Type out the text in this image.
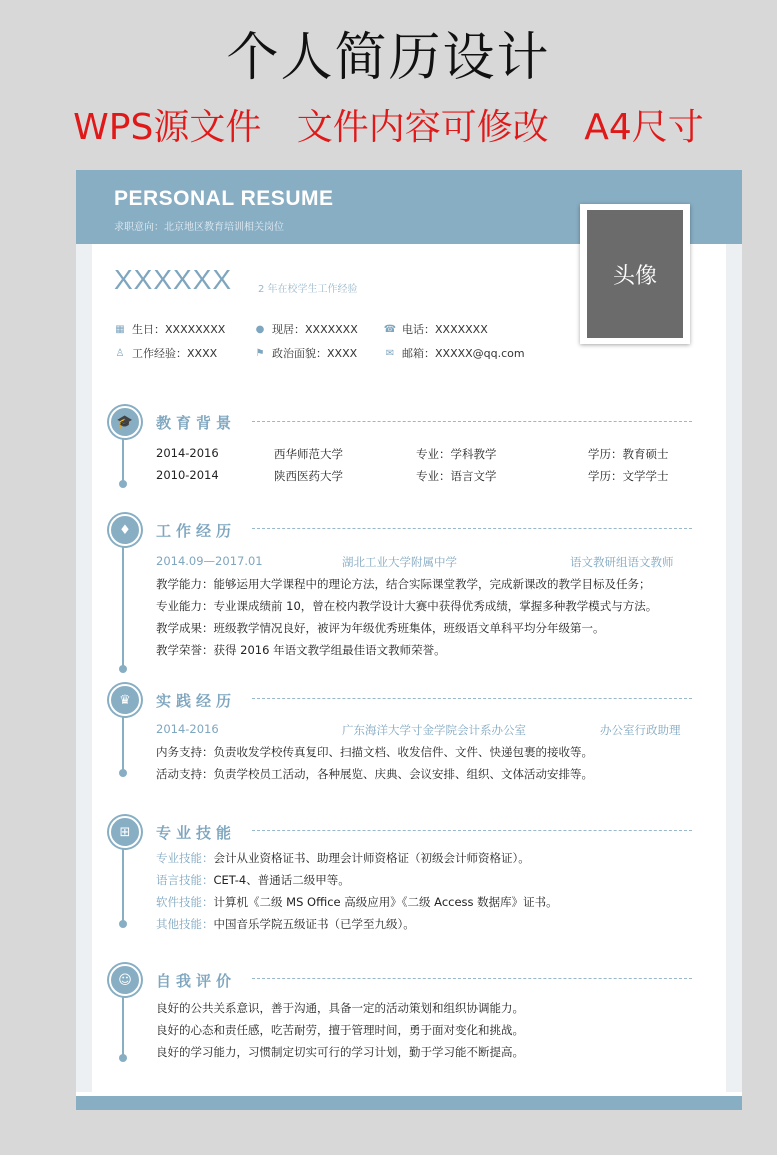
个人简历设计
WPS源文件 文件内容可修改 A4尺寸
PERSONAL RESUME
求职意向：北京地区教育培训相关岗位
头像
XXXXXX	2 年在校学生工作经验
▦ 生日：XXXXXXXX	● 现居：XXXXXXX	☎ 电话：XXXXXXX
♙ 工作经验：XXXX	⚑ 政治面貌：XXXX	✉ 邮箱：XXXXX@qq.com
🎓	教育背景
2014-2016	西华师范大学	专业：学科教学	学历：教育硕士
2010-2014	陕西医药大学	专业：语言文学	学历：文学学士
♦	工作经历
2014.09—2017.01	湖北工业大学附属中学	语文教研组语文教师
教学能力：能够运用大学课程中的理论方法，结合实际课堂教学，完成新课改的教学目标及任务；
专业能力：专业课成绩前 10，曾在校内教学设计大赛中获得优秀成绩，掌握多种教学模式与方法。
教学成果：班级教学情况良好，被评为年级优秀班集体，班级语文单科平均分年级第一。
教学荣誉：获得 2016 年语文教学组最佳语文教师荣誉。
♛	实践经历
2014-2016	广东海洋大学寸金学院会计系办公室	办公室行政助理
内务支持：负责收发学校传真复印、扫描文档、收发信件、文件、快递包裹的接收等。
活动支持：负责学校员工活动，各种展览、庆典、会议安排、组织、文体活动安排等。
⊞	专业技能
专业技能：会计从业资格证书、助理会计师资格证（初级会计师资格证）。
语言技能：CET-4、普通话二级甲等。
软件技能：计算机《二级 MS Office 高级应用》《二级 Access 数据库》证书。
其他技能：中国音乐学院五级证书（已学至九级）。
☺	自我评价
良好的公共关系意识，善于沟通，具备一定的活动策划和组织协调能力。
良好的心态和责任感，吃苦耐劳，擅于管理时间，勇于面对变化和挑战。
良好的学习能力，习惯制定切实可行的学习计划，勤于学习能不断提高。
